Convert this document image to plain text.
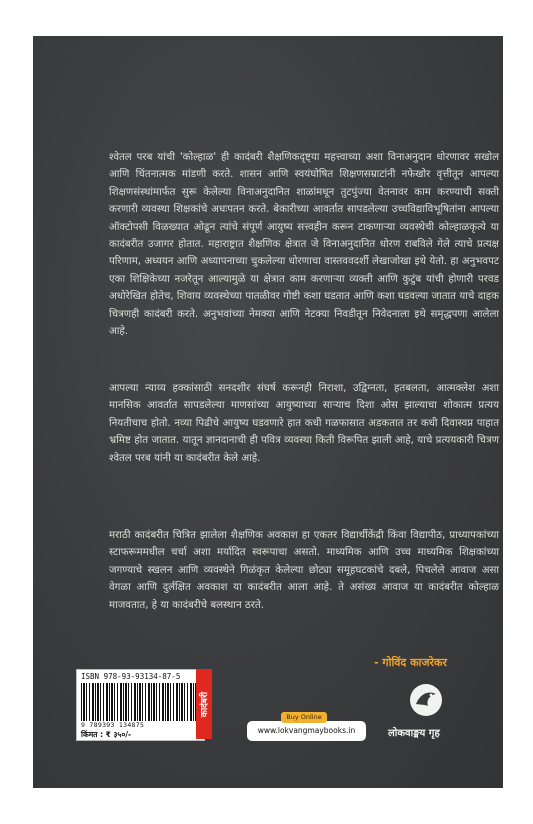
श्वेतल परब यांची 'कोल्हाळ' ही कादंबरी शैक्षणिकदृष्ट्या महत्त्वाच्या अशा विनाअनुदान धोरणावर सखोल आणि चिंतनात्मक मांडणी करते. शासन आणि स्वयंघोषित शिक्षणसम्राटांनी नफेखोर वृत्तीतून आपल्या शिक्षणसंस्थांमार्फत सुरू केलेल्या विनाअनुदानित शाळांमधून तुटपुंज्या वेतनावर काम करण्याची सक्ती करणारी व्यवस्था शिक्षकांचे अधःपतन करते. बेकारीच्या आवर्तात सापडलेल्या उच्चविद्याविभूषितांना आपल्या ऑक्टोपसी विळख्यात ओढून त्यांचे संपूर्ण आयुष्य सत्त्वहीन करून टाकणाऱ्या व्यवस्थेची कोल्हाळकृत्ये या कादंबरीत उजागर होतात. महाराष्ट्रात शैक्षणिक क्षेत्रात जे विनाअनुदानित धोरण राबविले गेले त्याचे प्रत्यक्ष परिणाम, अध्ययन आणि अध्यापनाच्या चुकलेल्या धोरणाचा वास्तववदर्शी लेखाजोखा इथे येतो. हा अनुभवपट एका शिक्षिकेच्या नजरेतून आल्यामुळे या क्षेत्रात काम करणाऱ्या व्यक्ती आणि कुटुंब यांची होणारी परवड अधोरेखित होतेच, शिवाय व्यवस्थेच्या पातळीवर गोष्टी कशा घडतात आणि कशा घडवल्या जातात याचे दाहक चित्रणही कादंबरी करते. अनुभवांच्या नेमक्या आणि नेटक्या निवडीतून निवेदनाला इथे समृद्धपणा आलेला आहे.
आपल्या न्याय्य हक्कांसाठी सनदशीर संघर्ष करूनही निराशा, उद्विग्नता, हतबलता, आत्मक्लेश अशा मानसिक आवर्तात सापडलेल्या माणसांच्या आयुष्याच्या साऱ्याच दिशा ओस झाल्याचा शोकात्म प्रत्यय नियतीचाच होतो. नव्या पिढीचे आयुष्य घडवणारे हात कधी गळफासात अडकतात तर कधी दिवास्वप्न पाहात भ्रमिष्ट होत जातात. यातून ज्ञानदानाची ही पवित्र व्यवस्था किती विरूपित झाली आहे, याचे प्रत्ययकारी चित्रण श्वेतल परब यांनी या कादंबरीत केले आहे.
मराठी कादंबरीत चित्रित झालेला शैक्षणिक अवकाश हा एकतर विद्यार्थीकेंद्री किंवा विद्यापीठ, प्राध्यापकांच्या स्टाफरूममधील चर्चा अशा मर्यादित स्वरूपाचा असतो. माध्यमिक आणि उच्च माध्यमिक शिक्षकांच्या जगण्याचे स्खलन आणि व्यवस्थेने गिळंकृत केलेल्या छोट्या समूहघटकांचे दबले, पिचलेले आवाज असा वेगळा आणि दुर्लक्षित अवकाश या कादंबरीत आला आहे. ते असंख्य आवाज या कादंबरीत कोल्हाळ माजवतात, हे या कादंबरीचे बलस्थान ठरते.
- गोविंद काजरेकर
ISBN 978-93-93134-87-5
9 789393 134875
किंमत : ₹ ३५०/-
कादंबरी
Buy Online
www.lokvangmaybooks.in	लोकवाङ्मय गृह
